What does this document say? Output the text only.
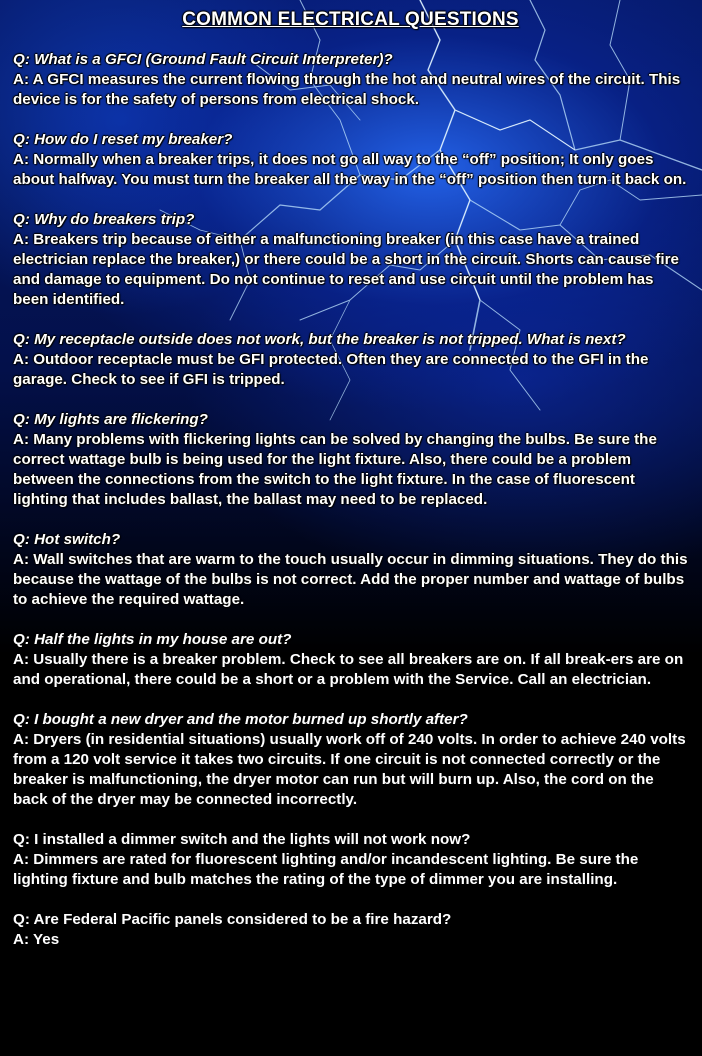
COMMON ELECTRICAL QUESTIONS
Q: What is a GFCI (Ground Fault Circuit Interpreter)?
A: A GFCI measures the current flowing through the hot and neutral wires of the circuit. This device is for the safety of persons from electrical shock.
Q: How do I reset my breaker?
A: Normally when a breaker trips, it does not go all way to the “off” position; It only goes about halfway. You must turn the breaker all the way in the “off” position then turn it back on.
Q: Why do breakers trip?
A: Breakers trip because of either a malfunctioning breaker (in this case have a trained electrician replace the breaker,) or there could be a short in the circuit. Shorts can cause fire and damage to equipment. Do not continue to reset and use circuit until the problem has been identified.
Q: My receptacle outside does not work, but the breaker is not tripped. What is next?
A: Outdoor receptacle must be GFI protected. Often they are connected to the GFI in the garage. Check to see if GFI is tripped.
Q: My lights are flickering?
A: Many problems with flickering lights can be solved by changing the bulbs. Be sure the correct wattage bulb is being used for the light fixture. Also, there could be a problem between the connections from the switch to the light fixture. In the case of fluorescent lighting that includes ballast, the ballast may need to be replaced.
Q: Hot switch?
A: Wall switches that are warm to the touch usually occur in dimming situations. They do this because the wattage of the bulbs is not correct. Add the proper number and wattage of bulbs to achieve the required wattage.
Q: Half the lights in my house are out?
A: Usually there is a breaker problem. Check to see all breakers are on. If all break-ers are on and operational, there could be a short or a problem with the Service. Call an electrician.
Q: I bought a new dryer and the motor burned up shortly after?
A: Dryers (in residential situations) usually work off of 240 volts. In order to achieve 240 volts from a 120 volt service it takes two circuits. If one circuit is not connected correctly or the breaker is malfunctioning, the dryer motor can run but will burn up. Also, the cord on the back of the dryer may be connected incorrectly.
Q: I installed a dimmer switch and the lights will not work now?
A: Dimmers are rated for fluorescent lighting and/or incandescent lighting. Be sure the lighting fixture and bulb matches the rating of the type of dimmer you are installing.
Q: Are Federal Pacific panels considered to be a fire hazard?
A: Yes
